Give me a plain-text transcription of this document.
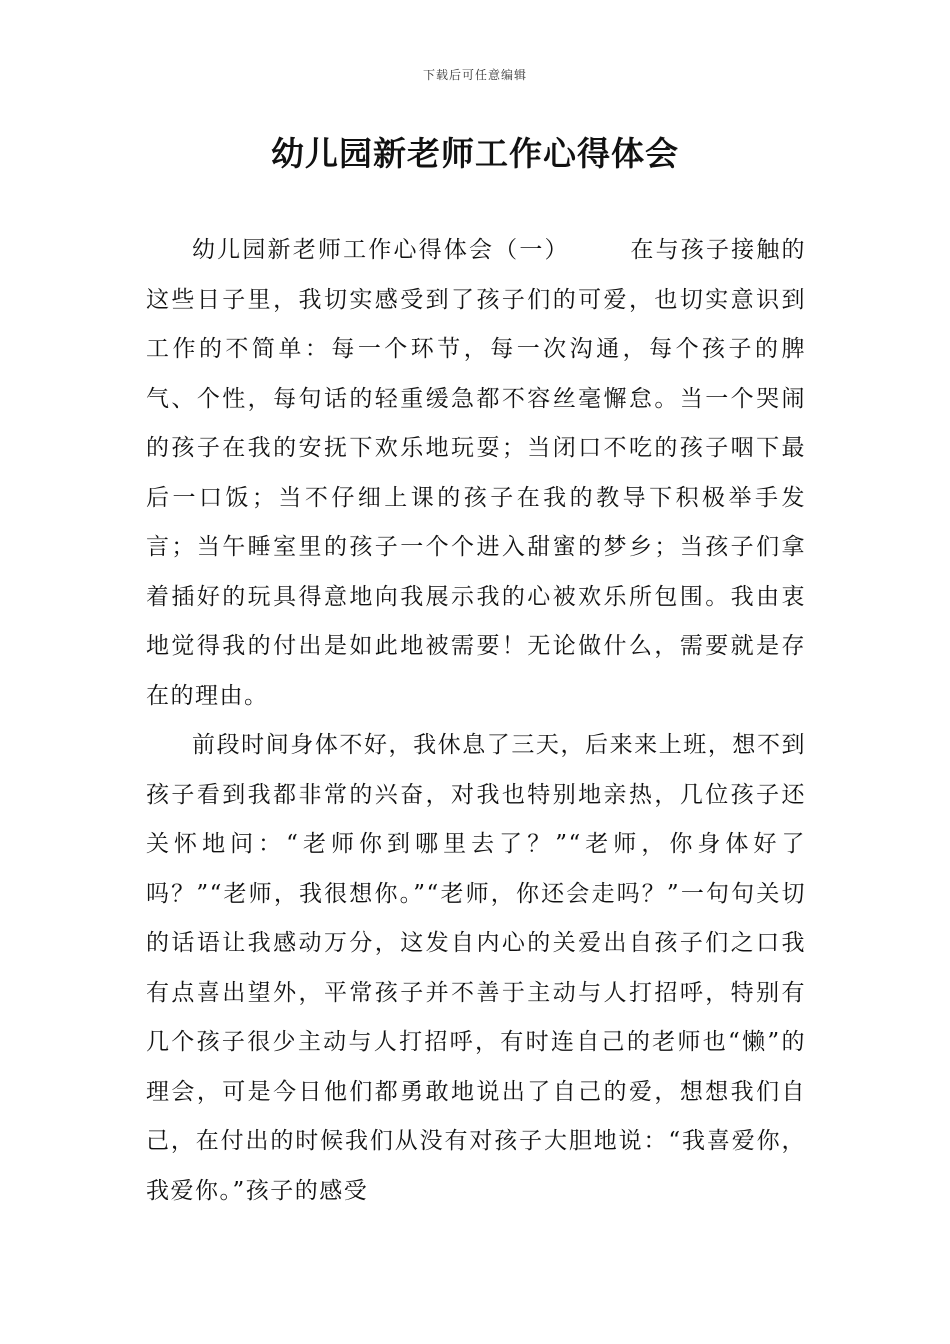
下载后可任意编辑
幼儿园新老师工作心得体会

幼儿园新老师工作心得体会（一）	在与孩子接触的这些日子里，我切实感受到了孩子们的可爱，也切实意识到工作的不简单：每一个环节，每一次沟通，每个孩子的脾气、个性，每句话的轻重缓急都不容丝毫懈怠。当一个哭闹的孩子在我的安抚下欢乐地玩耍；当闭口不吃的孩子咽下最后一口饭；当不仔细上课的孩子在我的教导下积极举手发言；当午睡室里的孩子一个个进入甜蜜的梦乡；当孩子们拿着插好的玩具得意地向我展示我的心被欢乐所包围。我由衷地觉得我的付出是如此地被需要！无论做什么，需要就是存在的理由。

前段时间身体不好，我休息了三天，后来来上班，想不到孩子看到我都非常的兴奋，对我也特别地亲热，几位孩子还关怀地问：“老师你到哪里去了？”“老师，你身体好了吗？”“老师，我很想你。”“老师，你还会走吗？”一句句关切的话语让我感动万分，这发自内心的关爱出自孩子们之口我有点喜出望外，平常孩子并不善于主动与人打招呼，特别有几个孩子很少主动与人打招呼，有时连自己的老师也“懒”的理会，可是今日他们都勇敢地说出了自己的爱，想想我们自己，在付出的时候我们从没有对孩子大胆地说：“我喜爱你，我爱你。”孩子的感受
